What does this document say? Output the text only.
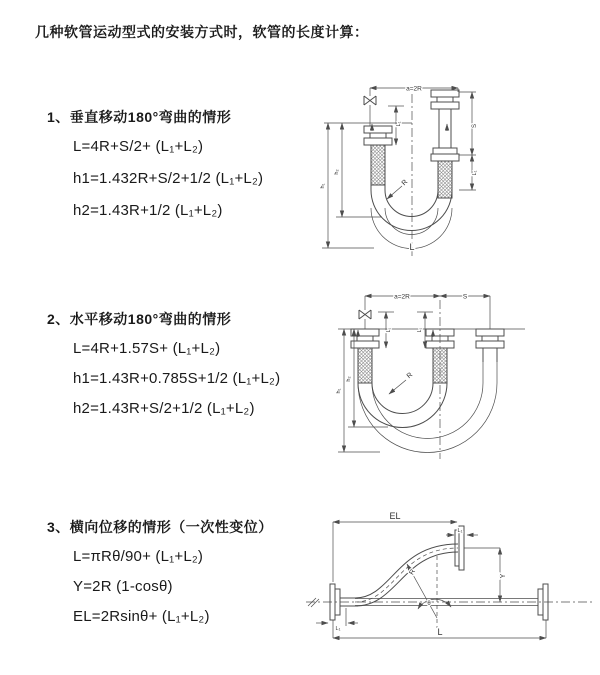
几种软管运动型式的安装方式时，软管的长度计算：
1、垂直移动180°弯曲的情形
L=4R+S/2+ (L₁+L₂)
h1=1.432R+S/2+1/2 (L₁+L₂)
h2=1.43R+1/2 (L₁+L₂)
a=2R
S
L₁
L₁
h₁
h₂
R
L
2、水平移动180°弯曲的情形
L=4R+1.57S+ (L₁+L₂)
h1=1.43R+0.785S+1/2 (L₁+L₂)
h2=1.43R+S/2+1/2 (L₁+L₂)
a=2R	S
L₁	L₁
h₁
h₂	R
3、横向位移的情形（一次性变位）
L=πRθ/90+ (L₁+L₂)
Y=2R (1-cosθ)
EL=2Rsinθ+ (L₁+L₂)
EL
L₁
Y
R
θ
L
L₁
